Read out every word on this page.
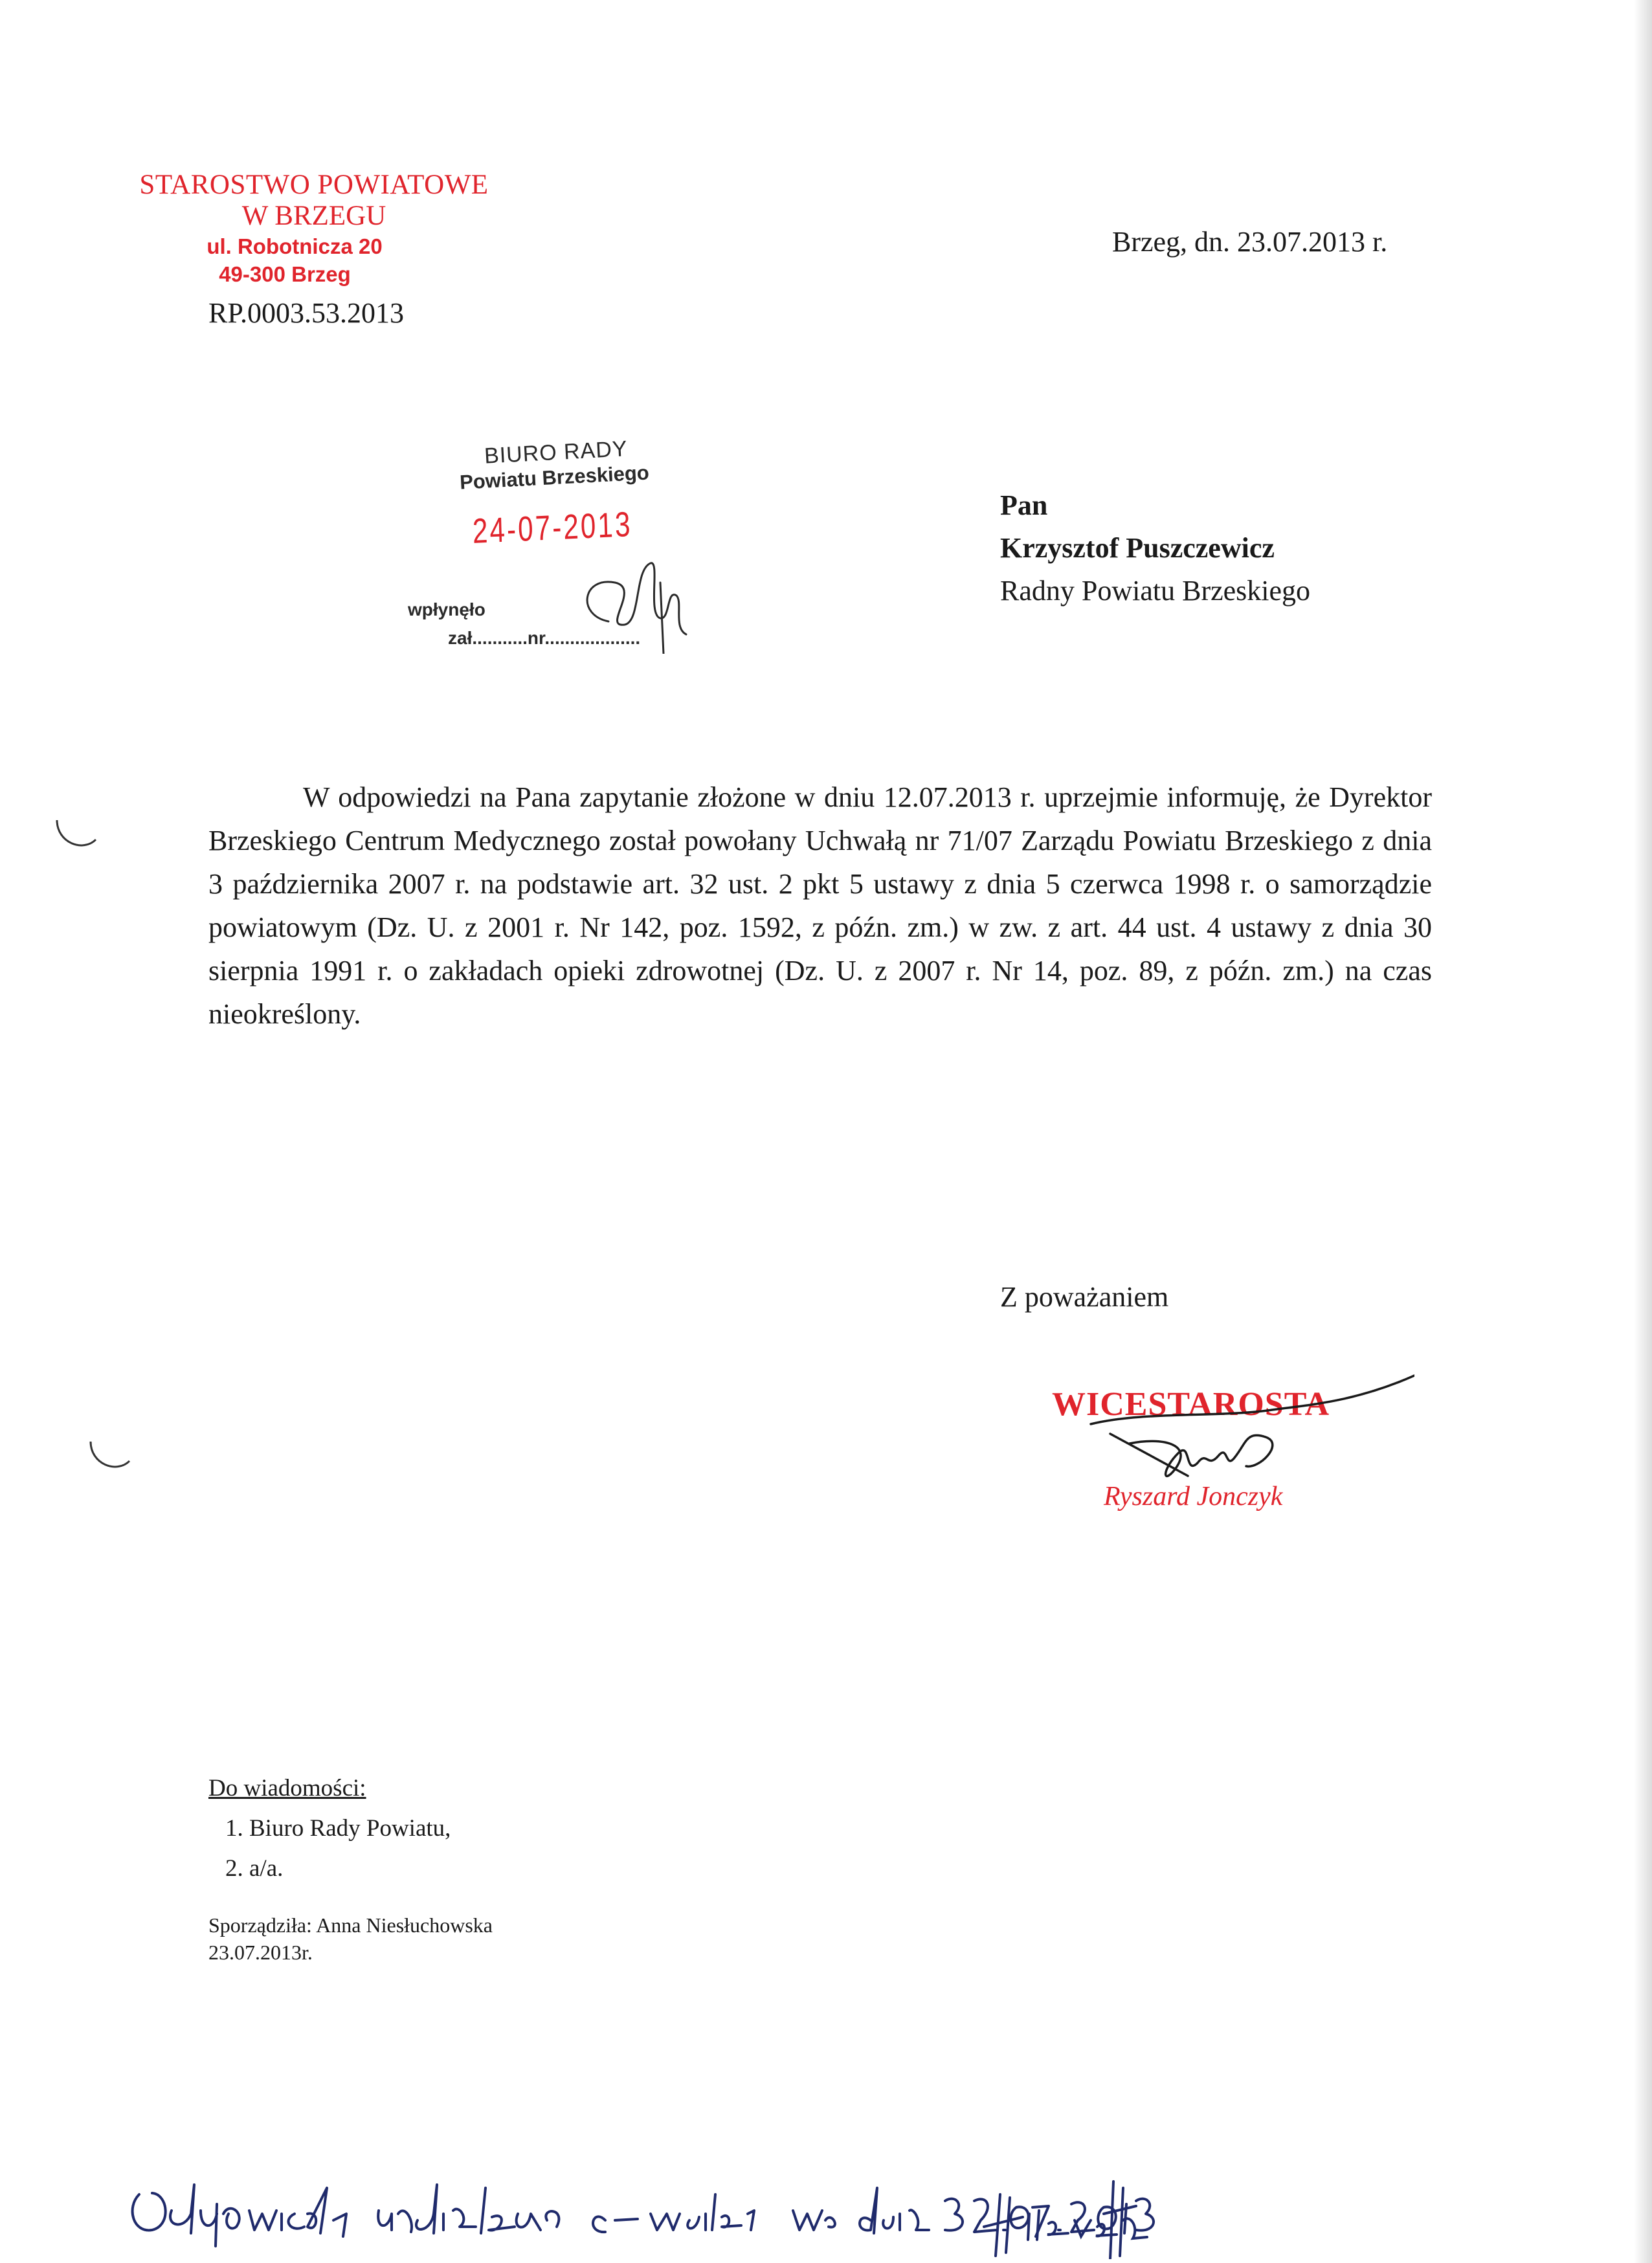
STAROSTWO POWIATOWE
W BRZEGU
ul. Robotnicza 20
49-300 Brzeg
RP.0003.53.2013
Brzeg, dn. 23.07.2013 r.
BIURO RADY
Powiatu Brzeskiego
24-07-2013
wpłynęło
zał...........nr...................
Pan
Krzysztof Puszczewicz
Radny Powiatu Brzeskiego
W odpowiedzi na Pana zapytanie złożone w dniu 12.07.2013 r. uprzejmie informuję, że Dyrektor Brzeskiego Centrum Medycznego został powołany Uchwałą nr 71/07 Zarządu Powiatu Brzeskiego z dnia 3 października 2007 r. na podstawie art. 32 ust. 2 pkt 5 ustawy z dnia 5 czerwca 1998 r. o samorządzie powiatowym (Dz. U. z 2001 r. Nr 142, poz. 1592, z późn. zm.) w zw. z art. 44 ust. 4 ustawy z dnia 30 sierpnia 1991 r. o zakładach opieki zdrowotnej (Dz. U. z 2007 r. Nr 14, poz. 89, z późn. zm.) na czas nieokreślony.
Z poważaniem
WICESTAROSTA
Ryszard Jonczyk
Do wiadomości:
1. Biuro Rady Powiatu,
2. a/a.
Sporządziła: Anna Niesłuchowska
23.07.2013r.
